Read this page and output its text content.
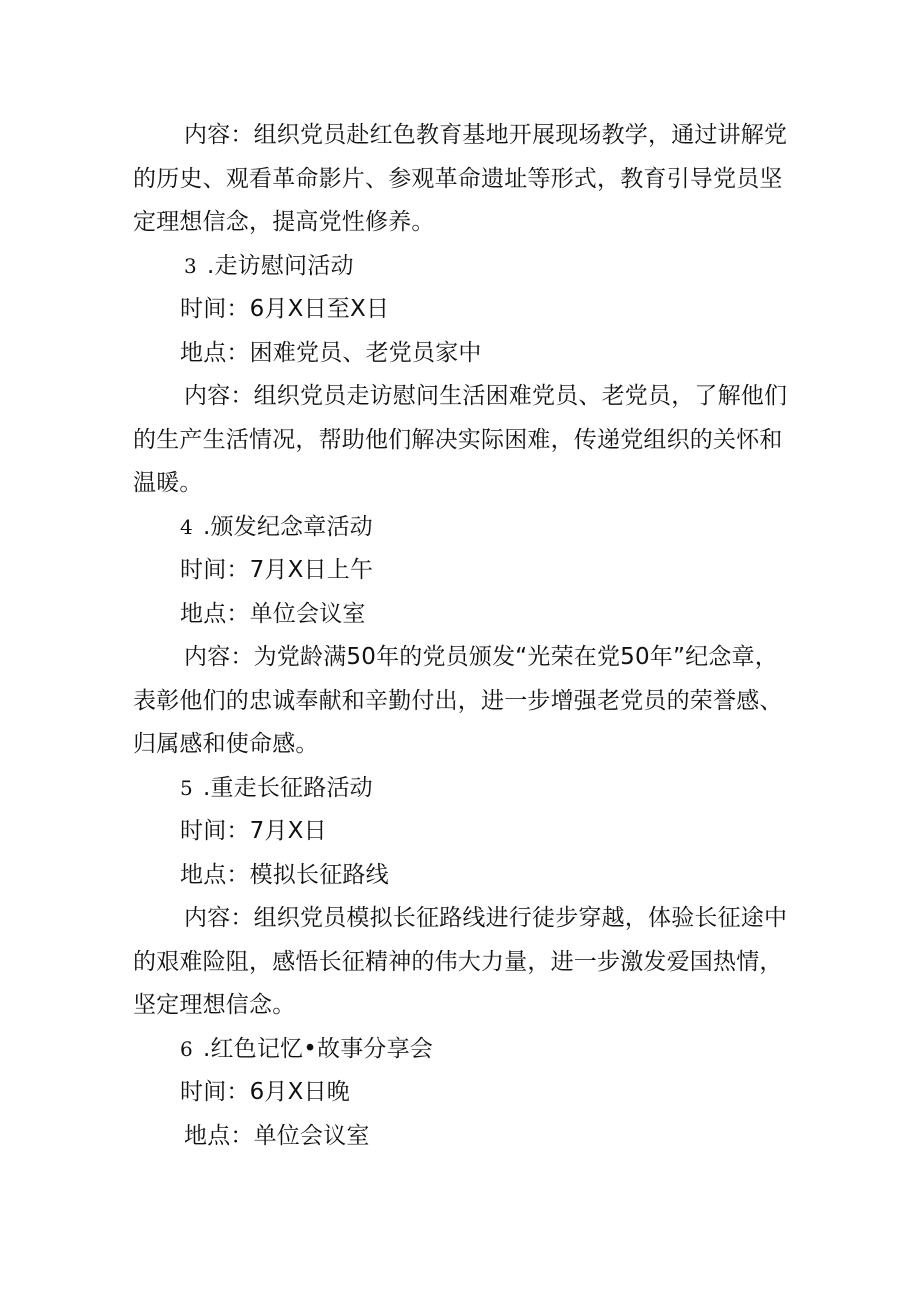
内容：组织党员赴红色教育基地开展现场教学，通过讲解党
的历史、观看革命影片、参观革命遗址等形式，教育引导党员坚
定理想信念，提高党性修养。
3 .走访慰问活动
时间：6月X日至X日
地点：困难党员、老党员家中
内容：组织党员走访慰问生活困难党员、老党员，了解他们
的生产生活情况，帮助他们解决实际困难，传递党组织的关怀和
温暖。
4 .颁发纪念章活动
时间：7月X日上午
地点：单位会议室
内容：为党龄满50年的党员颁发“光荣在党50年”纪念章，
表彰他们的忠诚奉献和辛勤付出，进一步增强老党员的荣誉感、
归属感和使命感。
5 .重走长征路活动
时间：7月X日
地点：模拟长征路线
内容：组织党员模拟长征路线进行徒步穿越，体验长征途中
的艰难险阻，感悟长征精神的伟大力量，进一步激发爱国热情，
坚定理想信念。
6 .红色记忆•故事分享会
时间：6月X日晚
地点：单位会议室
